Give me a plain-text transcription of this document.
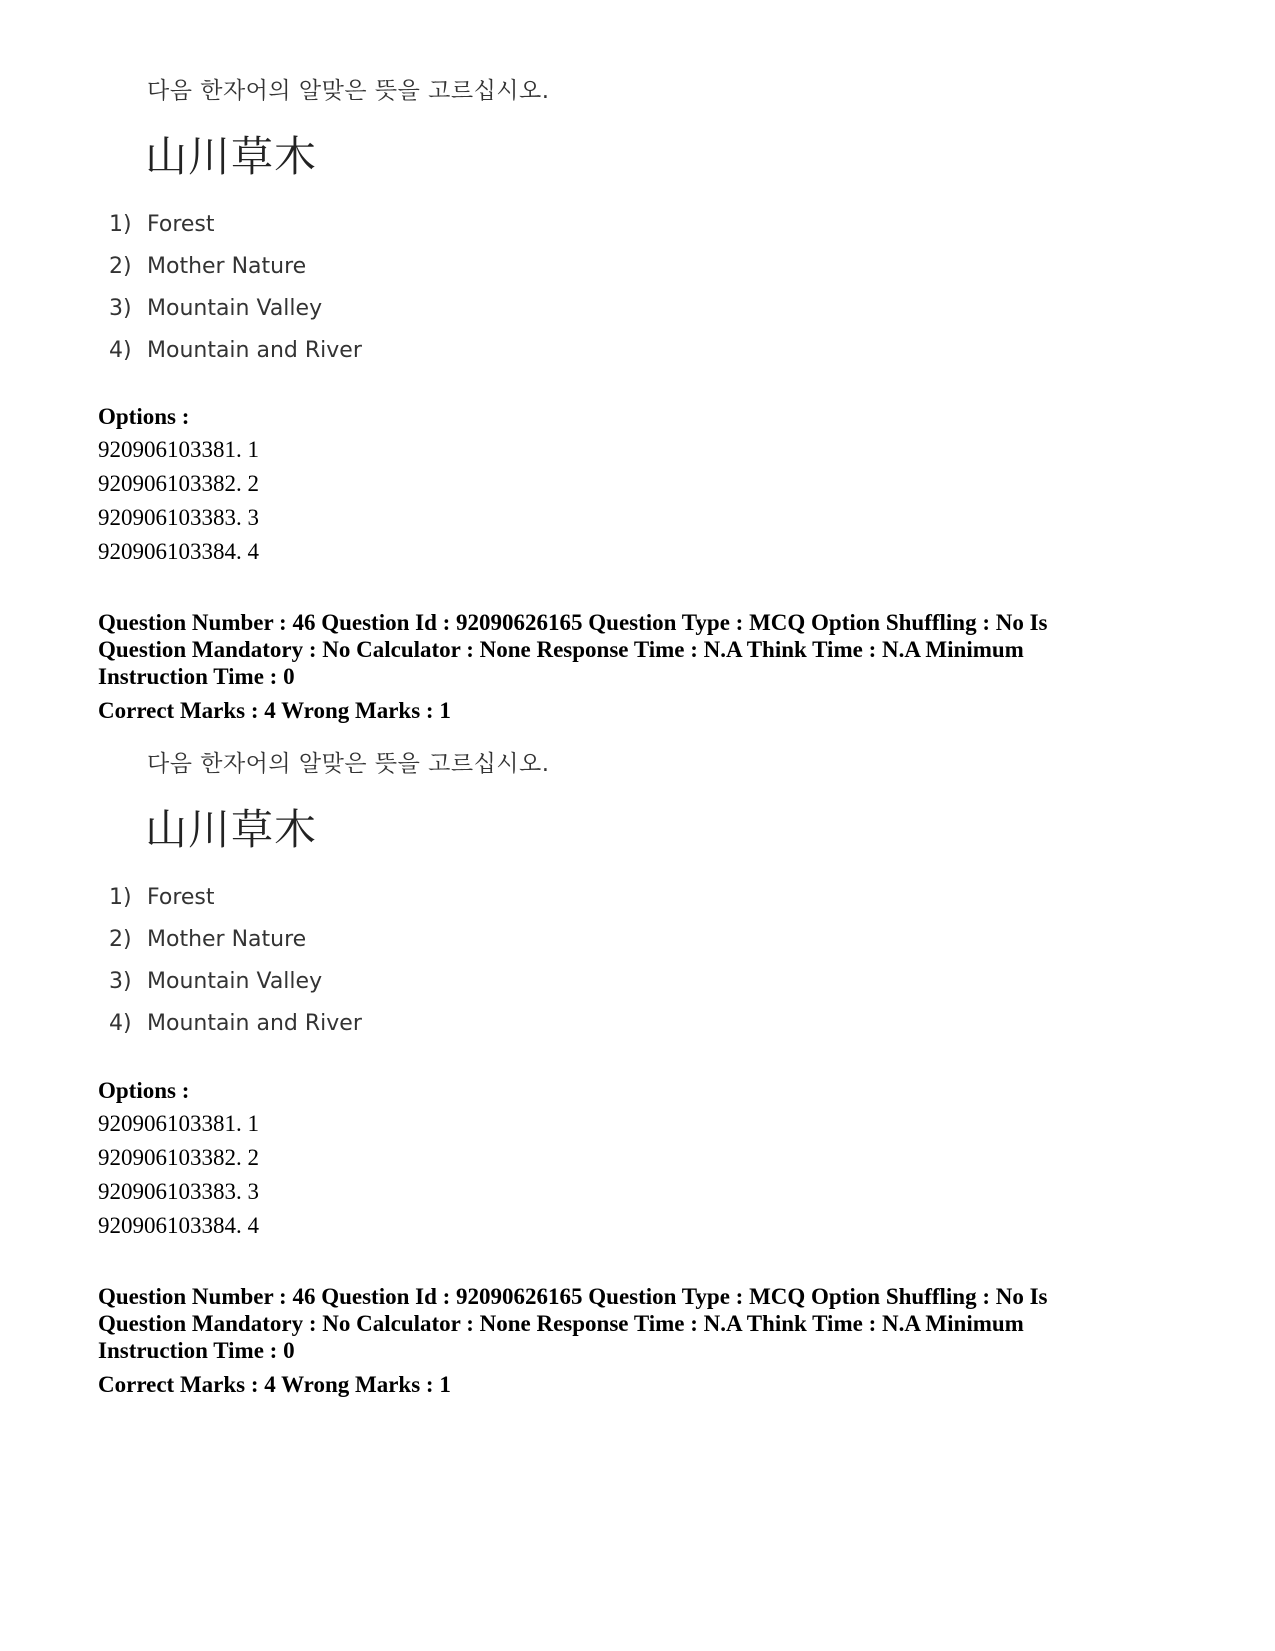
다음 한자어의 알맞은 뜻을 고르십시오.
山川草木
1) Forest
2) Mother Nature
3) Mountain Valley
4) Mountain and River
Options :
920906103381. 1
920906103382. 2
920906103383. 3
920906103384. 4
Question Number : 46 Question Id : 92090626165 Question Type : MCQ Option Shuffling : No Is
Question Mandatory : No Calculator : None Response Time : N.A Think Time : N.A Minimum
Instruction Time : 0
Correct Marks : 4 Wrong Marks : 1
다음 한자어의 알맞은 뜻을 고르십시오.
山川草木
1) Forest
2) Mother Nature
3) Mountain Valley
4) Mountain and River
Options :
920906103381. 1
920906103382. 2
920906103383. 3
920906103384. 4
Question Number : 46 Question Id : 92090626165 Question Type : MCQ Option Shuffling : No Is
Question Mandatory : No Calculator : None Response Time : N.A Think Time : N.A Minimum
Instruction Time : 0
Correct Marks : 4 Wrong Marks : 1
